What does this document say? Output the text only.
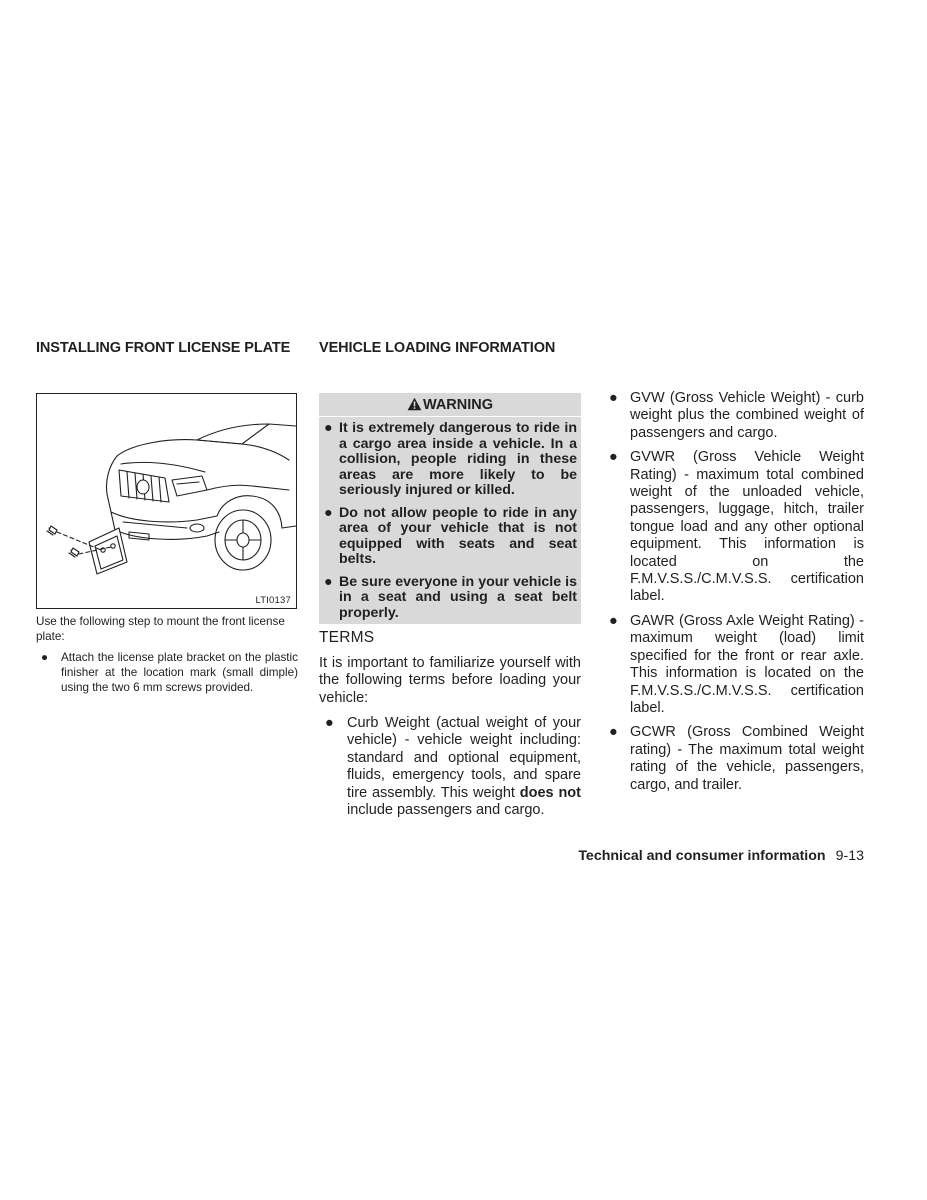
INSTALLING FRONT LICENSE PLATE VEHICLE LOADING INFORMATION
LTI0137
Use the following step to mount the front license plate:
● Attach the license plate bracket on the plastic finisher at the location mark (small dimple) using the two 6 mm screws provided.
WARNING
● It is extremely dangerous to ride in a cargo area inside a vehicle. In a collision, people riding in these areas are more likely to be seriously injured or killed.
● Do not allow people to ride in any area of your vehicle that is not equipped with seats and seat belts.
● Be sure everyone in your vehicle is in a seat and using a seat belt properly.
TERMS
It is important to familiarize yourself with the following terms before loading your vehicle:
● Curb Weight (actual weight of your vehicle) - vehicle weight including: standard and optional equipment, fluids, emergency tools, and spare tire assembly. This weight does not include passengers and cargo.
● GVW (Gross Vehicle Weight) - curb weight plus the combined weight of passengers and cargo.
● GVWR (Gross Vehicle Weight Rating) - maximum total combined weight of the unloaded vehicle, passengers, luggage, hitch, trailer tongue load and any other optional equipment. This information is located on the F.M.V.S.S./C.M.V.S.S. certification label.
● GAWR (Gross Axle Weight Rating) - maximum weight (load) limit specified for the front or rear axle. This information is located on the F.M.V.S.S./C.M.V.S.S. certification label.
● GCWR (Gross Combined Weight rating) - The maximum total weight rating of the vehicle, passengers, cargo, and trailer.
Technical and consumer information 9-13
